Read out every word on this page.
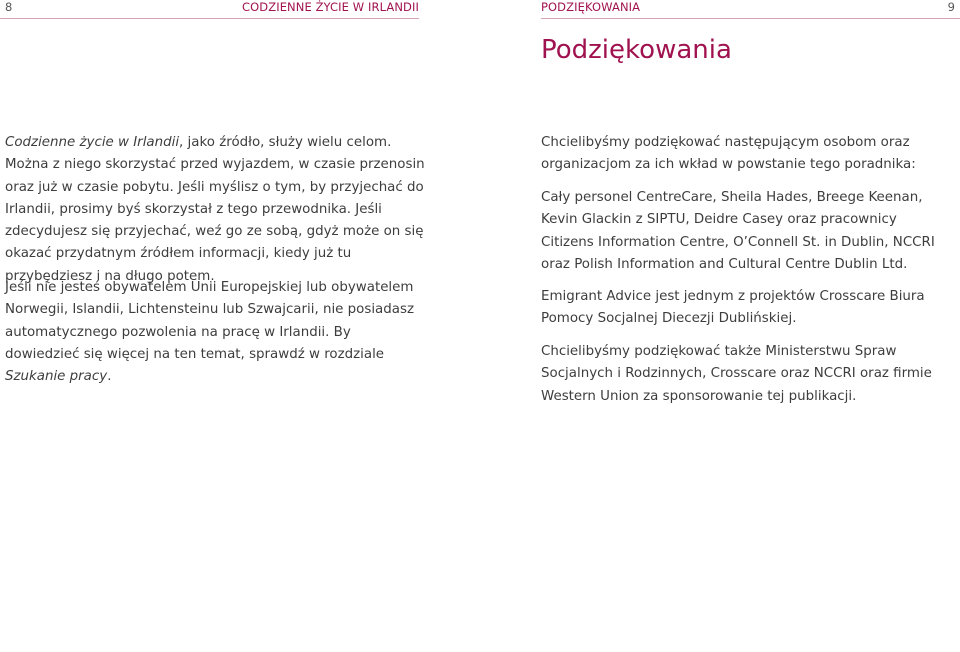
8	CODZIENNE ŻYCIE W IRLANDII

Codzienne życie w Irlandii, jako źródło, służy wielu celom. Można z niego skorzystać przed wyjazdem, w czasie przenosin oraz już w czasie pobytu. Jeśli myślisz o tym, by przyjechać do Irlandii, prosimy byś skorzystał z tego przewodnika. Jeśli zdecydujesz się przyjechać, weź go ze sobą, gdyż może on się okazać przydatnym źródłem informacji, kiedy już tu przybędziesz i na długo potem.

Jeśli nie jesteś obywatelem Unii Europejskiej lub obywatelem Norwegii, Islandii, Lichtensteinu lub Szwajcarii, nie posiadasz automatycznego pozwolenia na pracę w Irlandii. By dowiedzieć się więcej na ten temat, sprawdź w rozdziale Szukanie pracy.

PODZIĘKOWANIA	9
Podziękowania

Chcielibyśmy podziękować następującym osobom oraz organizacjom za ich wkład w powstanie tego poradnika:

Cały personel CentreCare, Sheila Hades, Breege Keenan, Kevin Glackin z SIPTU, Deidre Casey oraz pracownicy Citizens Information Centre, O’Connell St. in Dublin, NCCRI oraz Polish Information and Cultural Centre Dublin Ltd.

Emigrant Advice jest jednym z projektów Crosscare Biura Pomocy Socjalnej Diecezji Dublińskiej.

Chcielibyśmy podziękować także Ministerstwu Spraw Socjalnych i Rodzinnych, Crosscare oraz NCCRI oraz firmie Western Union za sponsorowanie tej publikacji.
